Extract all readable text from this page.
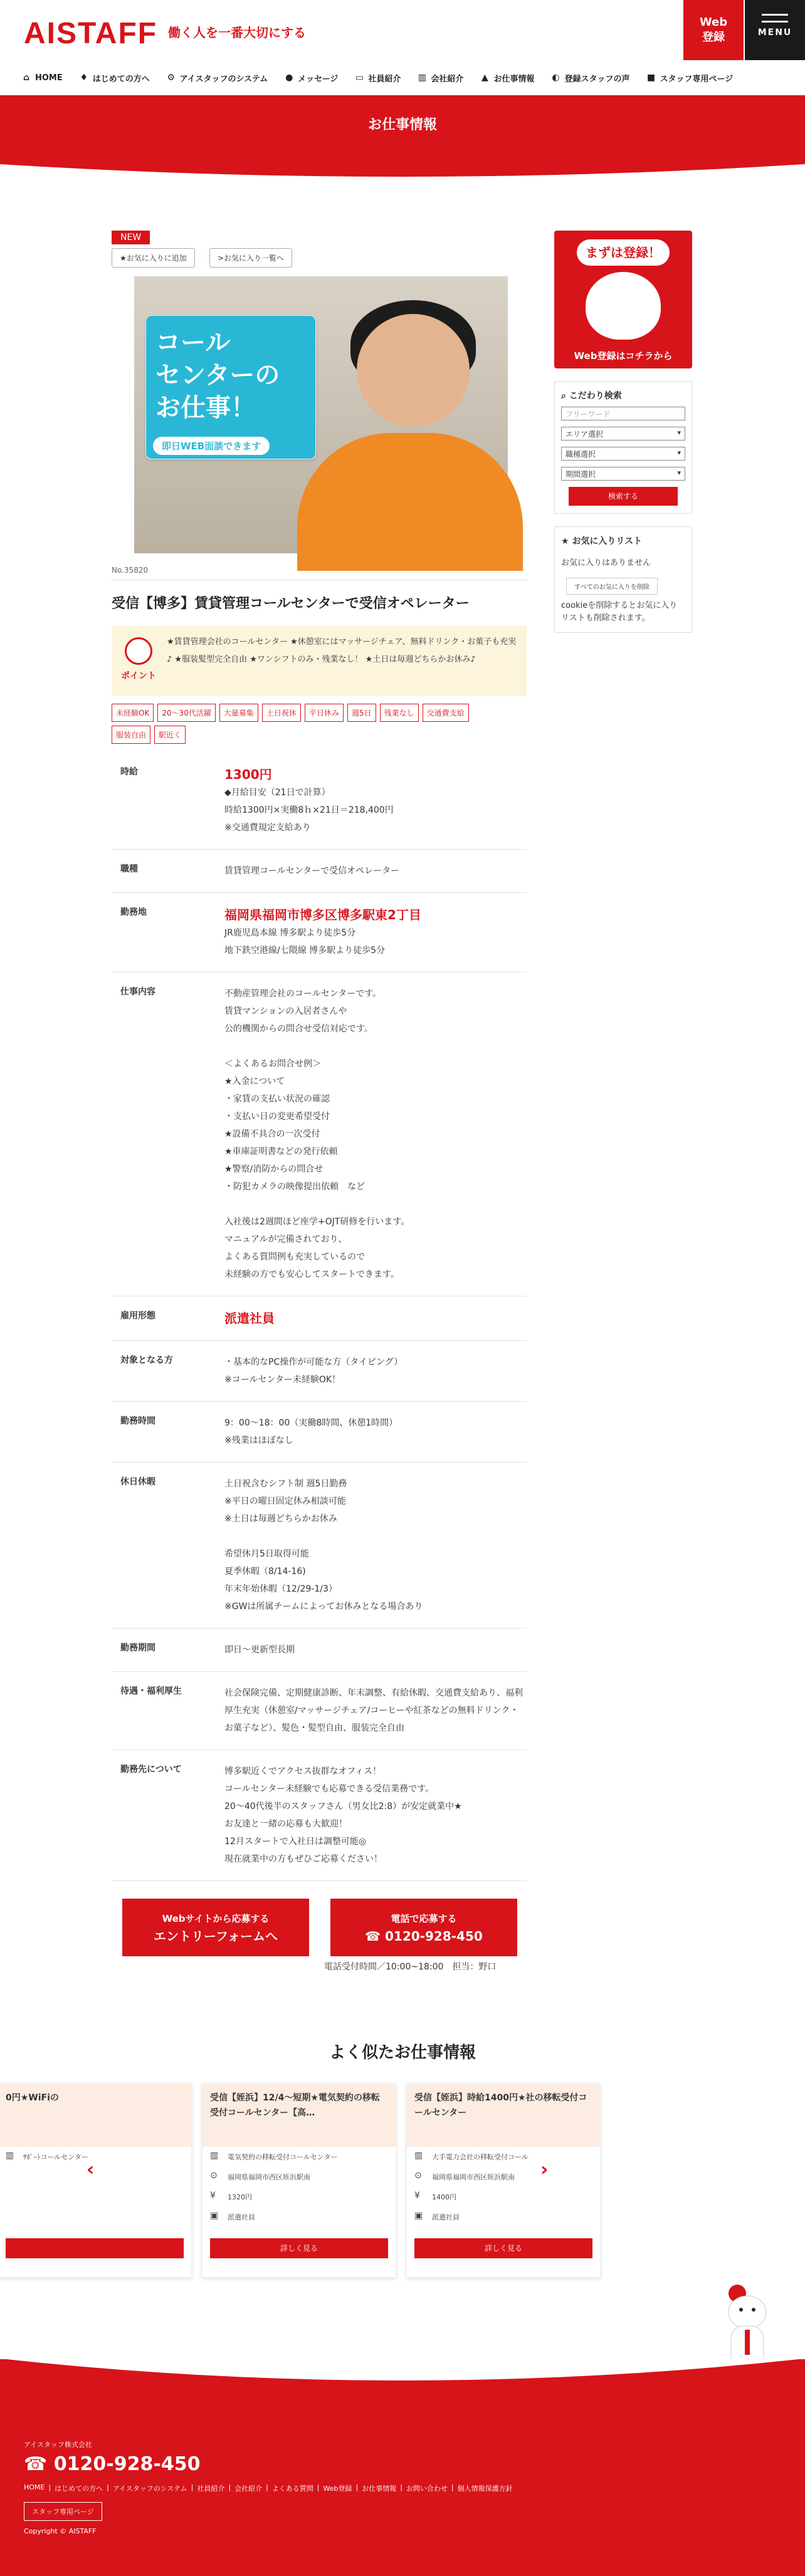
AISTAFF 働く人を一番大切にする
Web
登録	MENU
⌂ HOME ♦ はじめての方へ ⚙ アイスタッフのシステム ● メッセージ ▭ 社員紹介 ▥ 会社紹介 ▲ お仕事情報 ◐ 登録スタッフの声 ■ スタッフ専用ページ
お仕事情報
NEW
★お気に入りに追加	>お気に入り一覧へ
コール
センターの
お仕事！
即日WEB面談できます
No.35820
受信【博多】賃貸管理コールセンターで受信オペレーター
ポイント
★賃貸管理会社のコールセンター ★休憩室にはマッサージチェア、無料ドリンク・お菓子も充実♪ ★服装髪型完全自由 ★ワンシフトのみ・残業なし！ ★土日は毎週どちらかお休み♪
未経験OK	20～30代活躍	大量募集	土日祝休	平日休み	週5日	残業なし	交通費支給
服装自由	駅近く
時給	1300円
◆月給目安（21日で計算）
時給1300円×実働8ｈ×21日＝218,400円
※交通費規定支給あり
職種	賃貸管理コールセンターで受信オペレーター
勤務地	福岡県福岡市博多区博多駅東2丁目
JR鹿児島本線 博多駅より徒歩5分
地下鉄空港線/七隈線 博多駅より徒歩5分
仕事内容	不動産管理会社のコールセンターです。
賃貸マンションの入居者さんや
公的機関からの問合せ受信対応です。

＜よくあるお問合せ例＞
★入金について
・家賃の支払い状況の確認
・支払い日の変更希望受付
★設備不具合の一次受付
★車庫証明書などの発行依頼
★警察/消防からの問合せ
・防犯カメラの映像提出依頼　など

入社後は2週間ほど座学+OJT研修を行います。
マニュアルが完備されており、
よくある質問例も充実しているので
未経験の方でも安心してスタートできます。
雇用形態	派遣社員
対象となる方	・基本的なPC操作が可能な方（タイピング）
※コールセンター未経験OK！
勤務時間	9：00～18：00（実働8時間、休憩1時間）
※残業はほぼなし
休日休暇	土日祝含むシフト制 週5日勤務
※平日の曜日固定休み相談可能
※土日は毎週どちらかお休み

希望休月5日取得可能
夏季休暇（8/14-16)
年末年始休暇（12/29-1/3）
※GWは所属チームによってお休みとなる場合あり
勤務期間	即日～更新型長期
待遇・福利厚生	社会保険完備、定期健康診断、年末調整、有給休暇、交通費支給あり、福利厚生充実（休憩室/マッサージチェア/コーヒーや紅茶などの無料ドリンク・お菓子など）、髪色・髪型自由、服装完全自由
勤務先について	博多駅近くでアクセス抜群なオフィス！
コールセンター未経験でも応募できる受信業務です。
20～40代後半のスタッフさん（男女比2:8）が安定就業中★
お友達と一緒の応募も大歓迎！
12月スタートで入社日は調整可能◎
現在就業中の方もぜひご応募ください！
Webサイトから応募する
エントリーフォームへ
電話で応募する
☎ 0120-928-450
電話受付時間／10:00~18:00　担当：野口
よく似たお仕事情報
0円★WiFiの
▥ ｻﾎﾟｰﾄコールセンター
受信【姪浜】12/4～短期★電気契約の移転受付コールセンター【高…
▥ 電気契約の移転受付コールセンター
⊙ 福岡県福岡市西区姪浜駅南
¥ 1320円
▣ 派遣社員
詳しく見る
受信【姪浜】時給1400円★社の移転受付コールセンター
▥ 大手電力会社の移転受付コール
⊙ 福岡県福岡市西区姪浜駅南
¥ 1400円
▣ 派遣社員
詳しく見る
‹	›
まずは登録！
Web登録はコチラから
⌕ こだわり検索
フリーワード
エリア選択 ▾
職種選択 ▾
期間選択 ▾
検索する
★ お気に入りリスト
お気に入りはありません
すべてのお気に入りを削除
cookieを削除するとお気に入りリストも削除されます。
アイスタッフ株式会社
☎ 0120-928-450
HOME | はじめての方へ | アイスタッフのシステム | 社員紹介 | 会社紹介 | よくある質問 | Web登録 | お仕事情報 | お問い合わせ | 個人情報保護方針
スタッフ専用ページ
Copyright © AISTAFF
